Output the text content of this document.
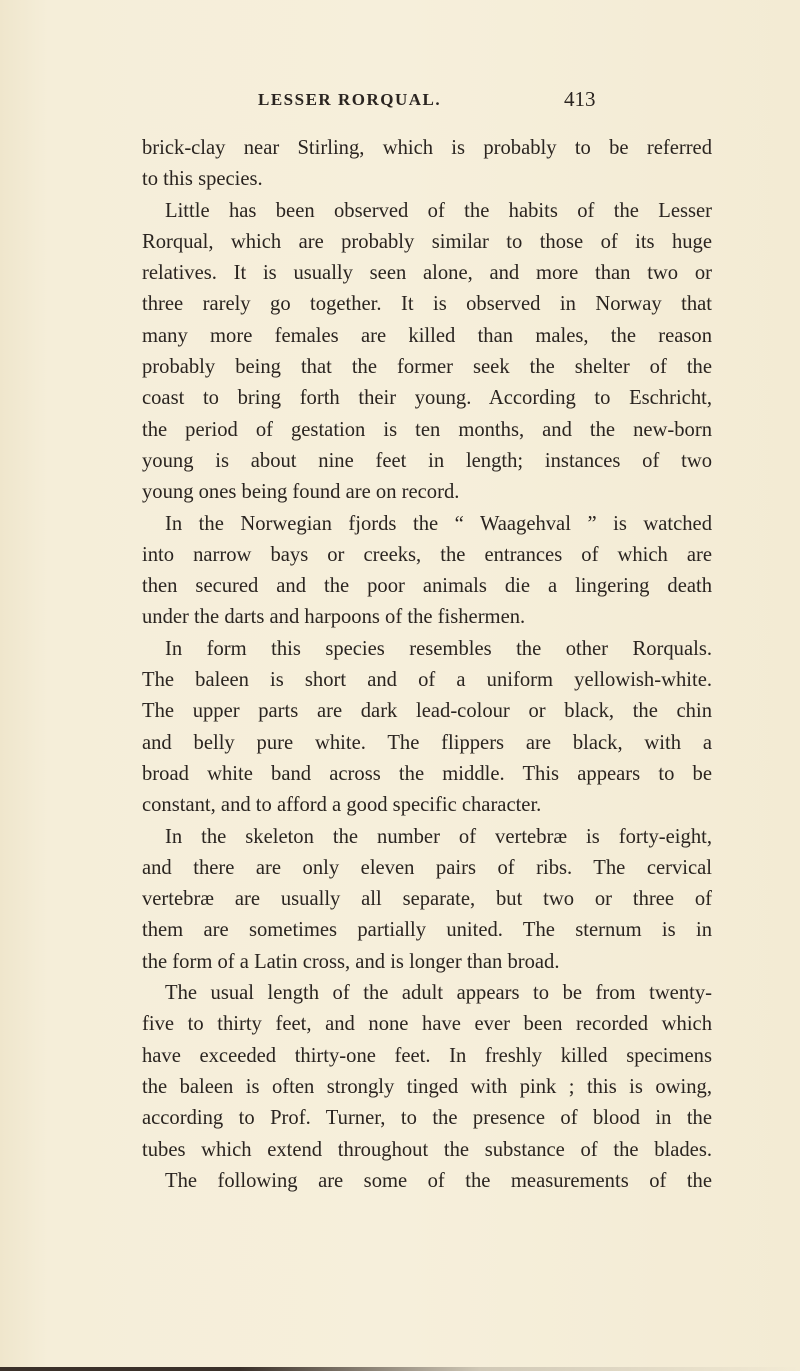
LESSER RORQUAL.	413
brick-clay near Stirling, which is probably to be referred
to this species.
Little has been observed of the habits of the Lesser
Rorqual, which are probably similar to those of its huge
relatives. It is usually seen alone, and more than two or
three rarely go together. It is observed in Norway that
many more females are killed than males, the reason
probably being that the former seek the shelter of the
coast to bring forth their young. According to Eschricht,
the period of gestation is ten months, and the new-born
young is about nine feet in length; instances of two
young ones being found are on record.
In the Norwegian fjords the “ Waagehval ” is watched
into narrow bays or creeks, the entrances of which are
then secured and the poor animals die a lingering death
under the darts and harpoons of the fishermen.
In form this species resembles the other Rorquals.
The baleen is short and of a uniform yellowish-white.
The upper parts are dark lead-colour or black, the chin
and belly pure white. The flippers are black, with a
broad white band across the middle. This appears to be
constant, and to afford a good specific character.
In the skeleton the number of vertebræ is forty-eight,
and there are only eleven pairs of ribs. The cervical
vertebræ are usually all separate, but two or three of
them are sometimes partially united. The sternum is in
the form of a Latin cross, and is longer than broad.
The usual length of the adult appears to be from twenty-
five to thirty feet, and none have ever been recorded which
have exceeded thirty-one feet. In freshly killed specimens
the baleen is often strongly tinged with pink ; this is owing,
according to Prof. Turner, to the presence of blood in the
tubes which extend throughout the substance of the blades.
The following are some of the measurements of the
